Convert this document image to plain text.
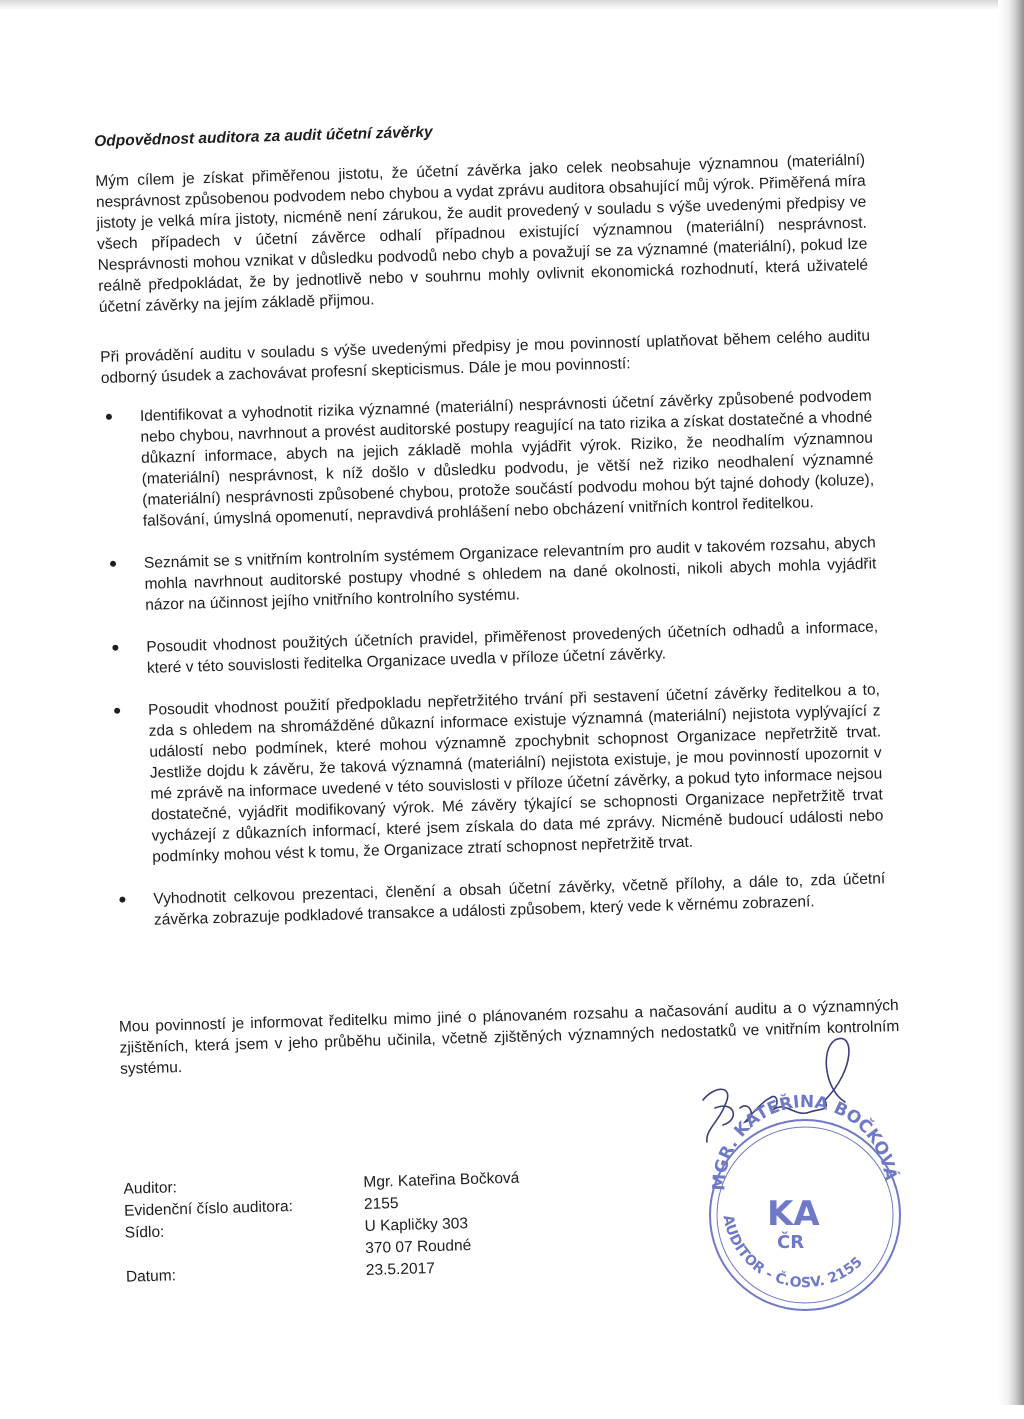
Odpovědnost auditora za audit účetní závěrky

Mým cílem je získat přiměřenou jistotu, že účetní závěrka jako celek neobsahuje významnou (materiální) nesprávnost způsobenou podvodem nebo chybou a vydat zprávu auditora obsahující můj výrok. Přiměřená míra jistoty je velká míra jistoty, nicméně není zárukou, že audit provedený v souladu s výše uvedenými předpisy ve všech případech v účetní závěrce odhalí případnou existující významnou (materiální) nesprávnost. Nesprávnosti mohou vznikat v důsledku podvodů nebo chyb a považují se za významné (materiální), pokud lze reálně předpokládat, že by jednotlivě nebo v souhrnu mohly ovlivnit ekonomická rozhodnutí, která uživatelé účetní závěrky na jejím základě přijmou.

Při provádění auditu v souladu s výše uvedenými předpisy je mou povinností uplatňovat během celého auditu odborný úsudek a zachovávat profesní skepticismus. Dále je mou povinností:

Identifikovat a vyhodnotit rizika významné (materiální) nesprávnosti účetní závěrky způsobené podvodem nebo chybou, navrhnout a provést auditorské postupy reagující na tato rizika a získat dostatečné a vhodné důkazní informace, abych na jejich základě mohla vyjádřit výrok. Riziko, že neodhalím významnou (materiální) nesprávnost, k níž došlo v důsledku podvodu, je větší než riziko neodhalení významné (materiální) nesprávnosti způsobené chybou, protože součástí podvodu mohou být tajné dohody (koluze), falšování, úmyslná opomenutí, nepravdivá prohlášení nebo obcházení vnitřních kontrol ředitelkou.
Seznámit se s vnitřním kontrolním systémem Organizace relevantním pro audit v takovém rozsahu, abych mohla navrhnout auditorské postupy vhodné s ohledem na dané okolnosti, nikoli abych mohla vyjádřit názor na účinnost jejího vnitřního kontrolního systému.
Posoudit vhodnost použitých účetních pravidel, přiměřenost provedených účetních odhadů a informace, které v této souvislosti ředitelka Organizace uvedla v příloze účetní závěrky.
Posoudit vhodnost použití předpokladu nepřetržitého trvání při sestavení účetní závěrky ředitelkou a to, zda s ohledem na shromážděné důkazní informace existuje významná (materiální) nejistota vyplývající z událostí nebo podmínek, které mohou významně zpochybnit schopnost Organizace nepřetržitě trvat. Jestliže dojdu k závěru, že taková významná (materiální) nejistota existuje, je mou povinností upozornit v mé zprávě na informace uvedené v této souvislosti v příloze účetní závěrky, a pokud tyto informace nejsou dostatečné, vyjádřit modifikovaný výrok. Mé závěry týkající se schopnosti Organizace nepřetržitě trvat vycházejí z důkazních informací, které jsem získala do data mé zprávy. Nicméně budoucí události nebo podmínky mohou vést k tomu, že Organizace ztratí schopnost nepřetržitě trvat.
Vyhodnotit celkovou prezentaci, členění a obsah účetní závěrky, včetně přílohy, a dále to, zda účetní závěrka zobrazuje podkladové transakce a události způsobem, který vede k věrnému zobrazení.

Mou povinností je informovat ředitelku mimo jiné o plánovaném rozsahu a načasování auditu a o významných zjištěních, která jsem v jeho průběhu učinila, včetně zjištěných významných nedostatků ve vnitřním kontrolním systému.

Auditor:	Mgr. Kateřina Bočková
Evidenční číslo auditora:	2155
Sídlo:	U Kapličky 303
370 07 Roudné
Datum:	23.5.2017
MGR. KATEŘINA BOČKOVÁ
AUDITOR - Č.OSV. 2155
KA
ČR
